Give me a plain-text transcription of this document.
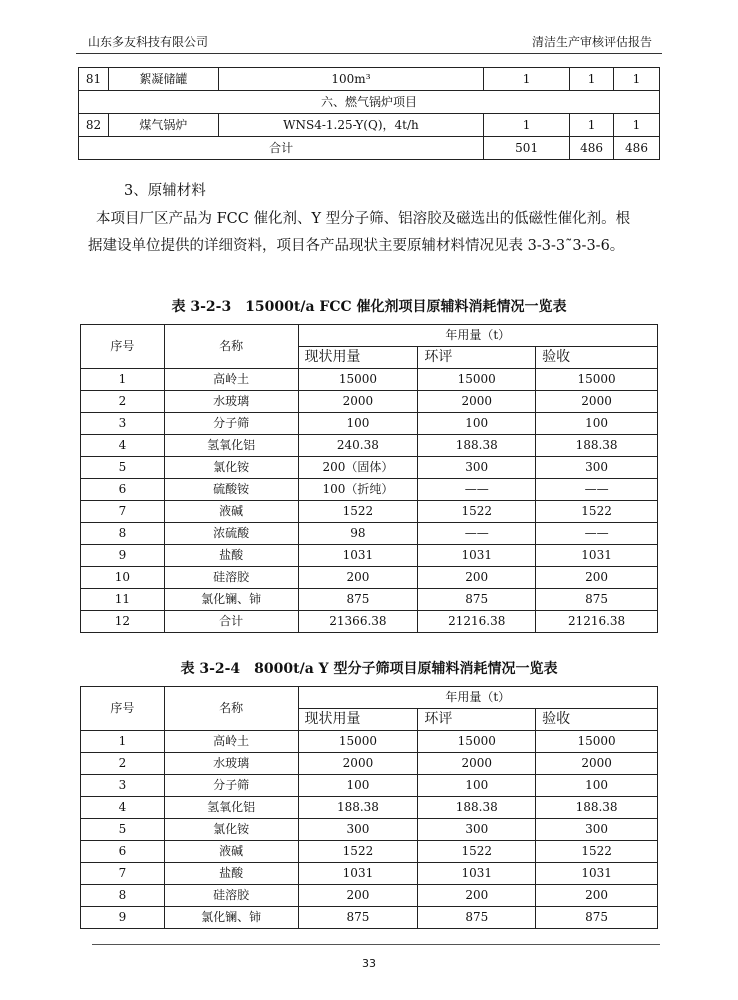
山东多友科技有限公司	清洁生产审核评估报告
81	絮凝储罐	100m³	1	1	1
六、燃气锅炉项目					
82	煤气锅炉	WNS4-1.25-Y(Q)，4t/h	1	1	1
合计			501	486	486
3、原辅材料
本项目厂区产品为 FCC 催化剂、Y 型分子筛、铝溶胶及磁选出的低磁性催化剂。根
据建设单位提供的详细资料，项目各产品现状主要原辅材料情况见表 3-3-3˜3-3-6。
表 3-2-3　15000t/a FCC 催化剂项目原辅料消耗情况一览表
序号	名称	年用量（t）		
		现状用量	环评	验收
1	高岭土	15000	15000	15000
2	水玻璃	2000	2000	2000
3	分子筛	100	100	100
4	氢氧化铝	240.38	188.38	188.38
5	氯化铵	200（固体）	300	300
6	硫酸铵	100（折纯）	——	——
7	液碱	1522	1522	1522
8	浓硫酸	98	——	——
9	盐酸	1031	1031	1031
10	硅溶胶	200	200	200
11	氯化镧、铈	875	875	875
12	合计	21366.38	21216.38	21216.38
表 3-2-4　8000t/a Y 型分子筛项目原辅料消耗情况一览表
序号	名称	年用量（t）		
		现状用量	环评	验收
1	高岭土	15000	15000	15000
2	水玻璃	2000	2000	2000
3	分子筛	100	100	100
4	氢氧化铝	188.38	188.38	188.38
5	氯化铵	300	300	300
6	液碱	1522	1522	1522
7	盐酸	1031	1031	1031
8	硅溶胶	200	200	200
9	氯化镧、铈	875	875	875
33
